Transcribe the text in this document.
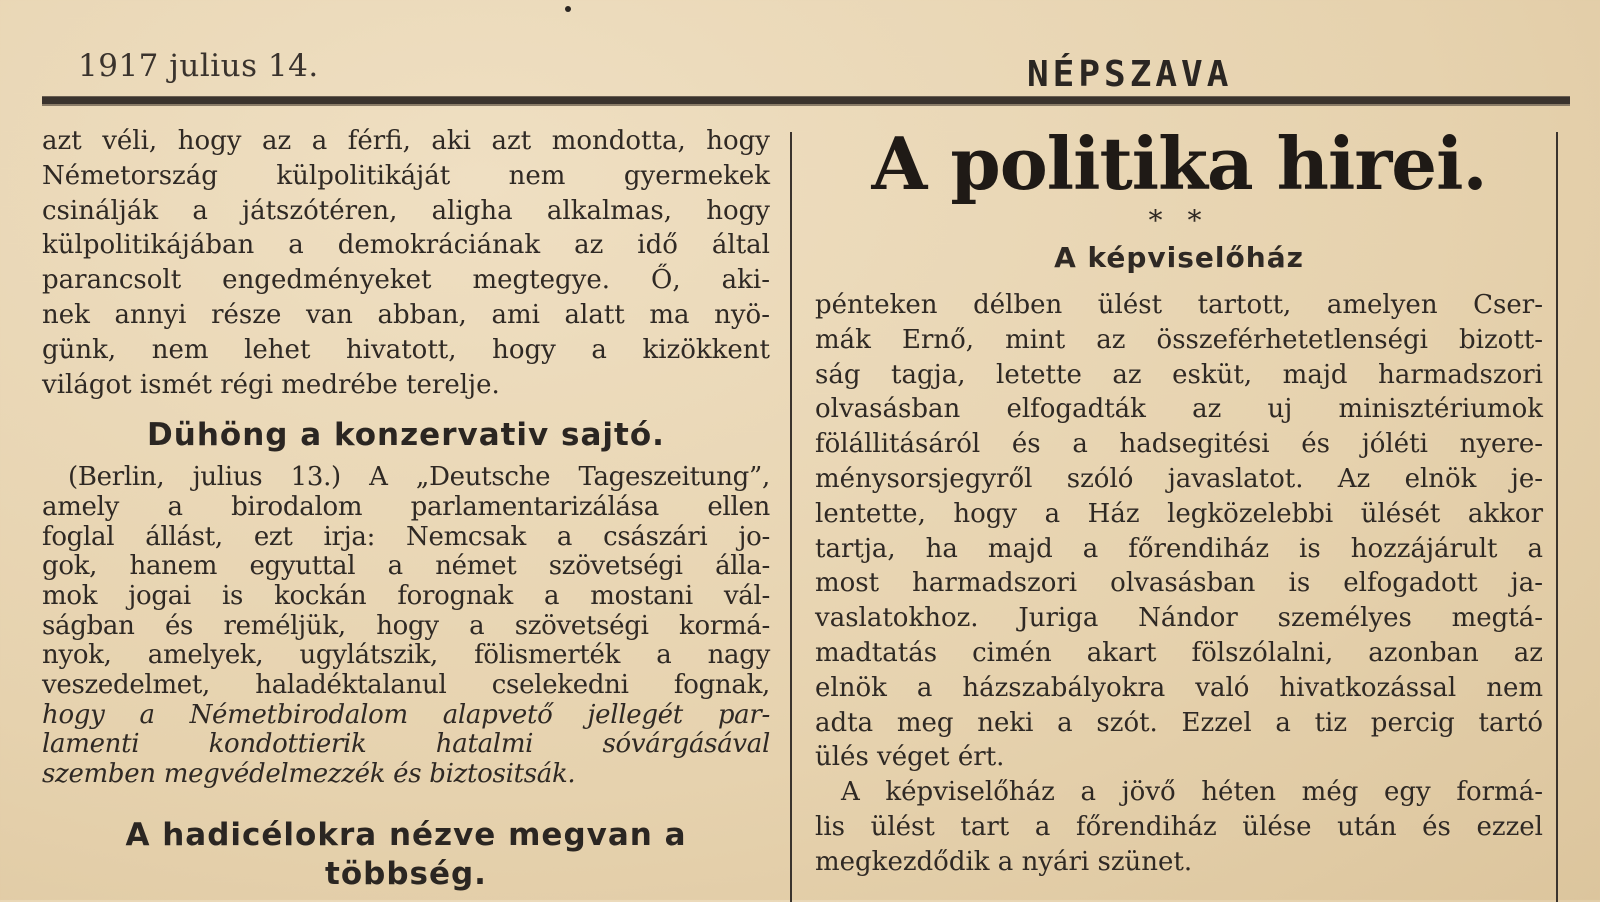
1917 julius 14.	NÉPSZAVA
azt véli, hogy az a férfi, aki azt mondotta, hogy
Németország külpolitikáját nem gyermekek
csinálják a játszótéren, aligha alkalmas, hogy
külpolitikájában a demokráciának az idő által
parancsolt engedményeket megtegye. Ő, aki-
nek annyi része van abban, ami alatt ma nyö-
günk, nem lehet hivatott, hogy a kizökkent
világot ismét régi medrébe terelje.
Dühöng a konzervativ sajtó.
(Berlin, julius 13.) A „Deutsche Tageszeitung”,
amely a birodalom parlamentarizálása ellen
foglal állást, ezt irja: Nemcsak a császári jo-
gok, hanem egyuttal a német szövetségi álla-
mok jogai is kockán forognak a mostani vál-
ságban és reméljük, hogy a szövetségi kormá-
nyok, amelyek, ugylátszik, fölismerték a nagy
veszedelmet, haladéktalanul cselekedni fognak,
hogy a Németbirodalom alapvető jellegét par-
lamenti kondottierik hatalmi sóvárgásával
szemben megvédelmezzék és biztositsák.
A hadicélokra nézve megvan a
többség.
A politika hirei.
* *
A képviselőház
pénteken délben ülést tartott, amelyen Cser-
mák Ernő, mint az összeférhetetlenségi bizott-
ság tagja, letette az esküt, majd harmadszori
olvasásban elfogadták az uj minisztériumok
fölállitásáról és a hadsegitési és jóléti nyere-
ménysorsjegyről szóló javaslatot. Az elnök je-
lentette, hogy a Ház legközelebbi ülését akkor
tartja, ha majd a főrendiház is hozzájárult a
most harmadszori olvasásban is elfogadott ja-
vaslatokhoz. Juriga Nándor személyes megtá-
madtatás cimén akart fölszólalni, azonban az
elnök a házszabályokra való hivatkozással nem
adta meg neki a szót. Ezzel a tiz percig tartó
ülés véget ért.
A képviselőház a jövő héten még egy formá-
lis ülést tart a főrendiház ülése után és ezzel
megkezdődik a nyári szünet.
